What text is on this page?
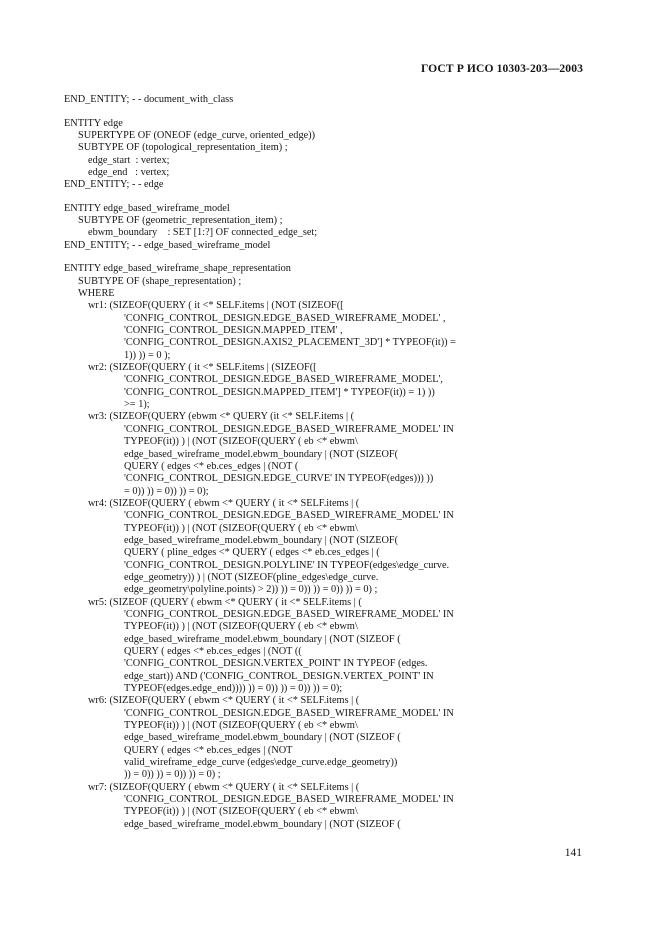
ГОСТ Р ИСО 10303-203—2003
END_ENTITY; - - document_with_class
ENTITY edge
SUPERTYPE OF (ONEOF (edge_curve, oriented_edge))
SUBTYPE OF (topological_representation_item) ;
edge_start  : vertex;
edge_end   : vertex;
END_ENTITY; - - edge
ENTITY edge_based_wireframe_model
SUBTYPE OF (geometric_representation_item) ;
ebwm_boundary    : SET [1:?] OF connected_edge_set;
END_ENTITY; - - edge_based_wireframe_model
ENTITY edge_based_wireframe_shape_representation
SUBTYPE OF (shape_representation) ;
WHERE
wr1: (SIZEOF(QUERY ( it <* SELF.items | (NOT (SIZEOF([
'CONFIG_CONTROL_DESIGN.EDGE_BASED_WIREFRAME_MODEL' ,
'CONFIG_CONTROL_DESIGN.MAPPED_ITEM' ,
'CONFIG_CONTROL_DESIGN.AXIS2_PLACEMENT_3D'] * TYPEOF(it)) =
1)) )) = 0 );
wr2: (SIZEOF(QUERY ( it <* SELF.items | (SIZEOF([
'CONFIG_CONTROL_DESIGN.EDGE_BASED_WIREFRAME_MODEL',
'CONFIG_CONTROL_DESIGN.MAPPED_ITEM'] * TYPEOF(it)) = 1) ))
>= 1);
wr3: (SIZEOF(QUERY (ebwm <* QUERY (it <* SELF.items | (
'CONFIG_CONTROL_DESIGN.EDGE_BASED_WIREFRAME_MODEL' IN
TYPEOF(it)) ) | (NOT (SIZEOF(QUERY ( eb <* ebwm\
edge_based_wireframe_model.ebwm_boundary | (NOT (SIZEOF(
QUERY ( edges <* eb.ces_edges | (NOT (
'CONFIG_CONTROL_DESIGN.EDGE_CURVE' IN TYPEOF(edges))) ))
= 0)) )) = 0)) )) = 0);
wr4: (SIZEOF(QUERY ( ebwm <* QUERY ( it <* SELF.items | (
'CONFIG_CONTROL_DESIGN.EDGE_BASED_WIREFRAME_MODEL' IN
TYPEOF(it)) ) | (NOT (SIZEOF(QUERY ( eb <* ebwm\
edge_based_wireframe_model.ebwm_boundary | (NOT (SIZEOF(
QUERY ( pline_edges <* QUERY ( edges <* eb.ces_edges | (
'CONFIG_CONTROL_DESIGN.POLYLINE' IN TYPEOF(edges\edge_curve.
edge_geometry)) ) | (NOT (SIZEOF(pline_edges\edge_curve.
edge_geometry\polyline.points) > 2)) )) = 0)) )) = 0)) )) = 0) ;
wr5: (SIZEOF (QUERY ( ebwm <* QUERY ( it <* SELF.items | (
'CONFIG_CONTROL_DESIGN.EDGE_BASED_WIREFRAME_MODEL' IN
TYPEOF(it)) ) | (NOT (SIZEOF(QUERY ( eb <* ebwm\
edge_based_wireframe_model.ebwm_boundary | (NOT (SIZEOF (
QUERY ( edges <* eb.ces_edges | (NOT ((
'CONFIG_CONTROL_DESIGN.VERTEX_POINT' IN TYPEOF (edges.
edge_start)) AND ('CONFIG_CONTROL_DESIGN.VERTEX_POINT' IN
TYPEOF(edges.edge_end)))) )) = 0)) )) = 0)) )) = 0);
wr6: (SIZEOF(QUERY ( ebwm <* QUERY ( it <* SELF.items | (
'CONFIG_CONTROL_DESIGN.EDGE_BASED_WIREFRAME_MODEL' IN
TYPEOF(it)) ) | (NOT (SIZEOF(QUERY ( eb <* ebwm\
edge_based_wireframe_model.ebwm_boundary | (NOT (SIZEOF (
QUERY ( edges <* eb.ces_edges | (NOT
valid_wireframe_edge_curve (edges\edge_curve.edge_geometry))
)) = 0)) )) = 0)) )) = 0) ;
wr7: (SIZEOF(QUERY ( ebwm <* QUERY ( it <* SELF.items | (
'CONFIG_CONTROL_DESIGN.EDGE_BASED_WIREFRAME_MODEL' IN
TYPEOF(it)) ) | (NOT (SIZEOF(QUERY ( eb <* ebwm\
edge_based_wireframe_model.ebwm_boundary | (NOT (SIZEOF (
141
